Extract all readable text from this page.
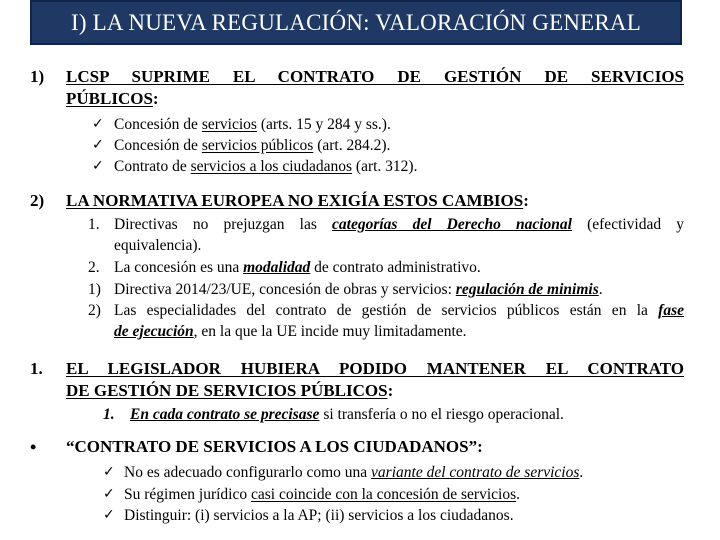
I) LA NUEVA REGULACIÓN: VALORACIÓN GENERAL
1) LCSP SUPRIME EL CONTRATO DE GESTIÓN DE SERVICIOS
PÚBLICOS:
✓ Concesión de servicios (arts. 15 y 284 y ss.).
✓ Concesión de servicios públicos (art. 284.2).
✓ Contrato de servicios a los ciudadanos (art. 312).
2) LA NORMATIVA EUROPEA NO EXIGÍA ESTOS CAMBIOS:
1. Directivas no prejuzgan las categorías del Derecho nacional (efectividad y
equivalencia).
2. La concesión es una modalidad de contrato administrativo.
1) Directiva 2014/23/UE, concesión de obras y servicios: regulación de minimis.
2) Las especialidades del contrato de gestión de servicios públicos están en la fase
de ejecución, en la que la UE incide muy limitadamente.
1. EL LEGISLADOR HUBIERA PODIDO MANTENER EL CONTRATO
DE GESTIÓN DE SERVICIOS PÚBLICOS:
1. En cada contrato se precisase si transfería o no el riesgo operacional.
• “CONTRATO DE SERVICIOS A LOS CIUDADANOS”:
✓ No es adecuado configurarlo como una variante del contrato de servicios.
✓ Su régimen jurídico casi coincide con la concesión de servicios.
✓ Distinguir: (i) servicios a la AP; (ii) servicios a los ciudadanos.
